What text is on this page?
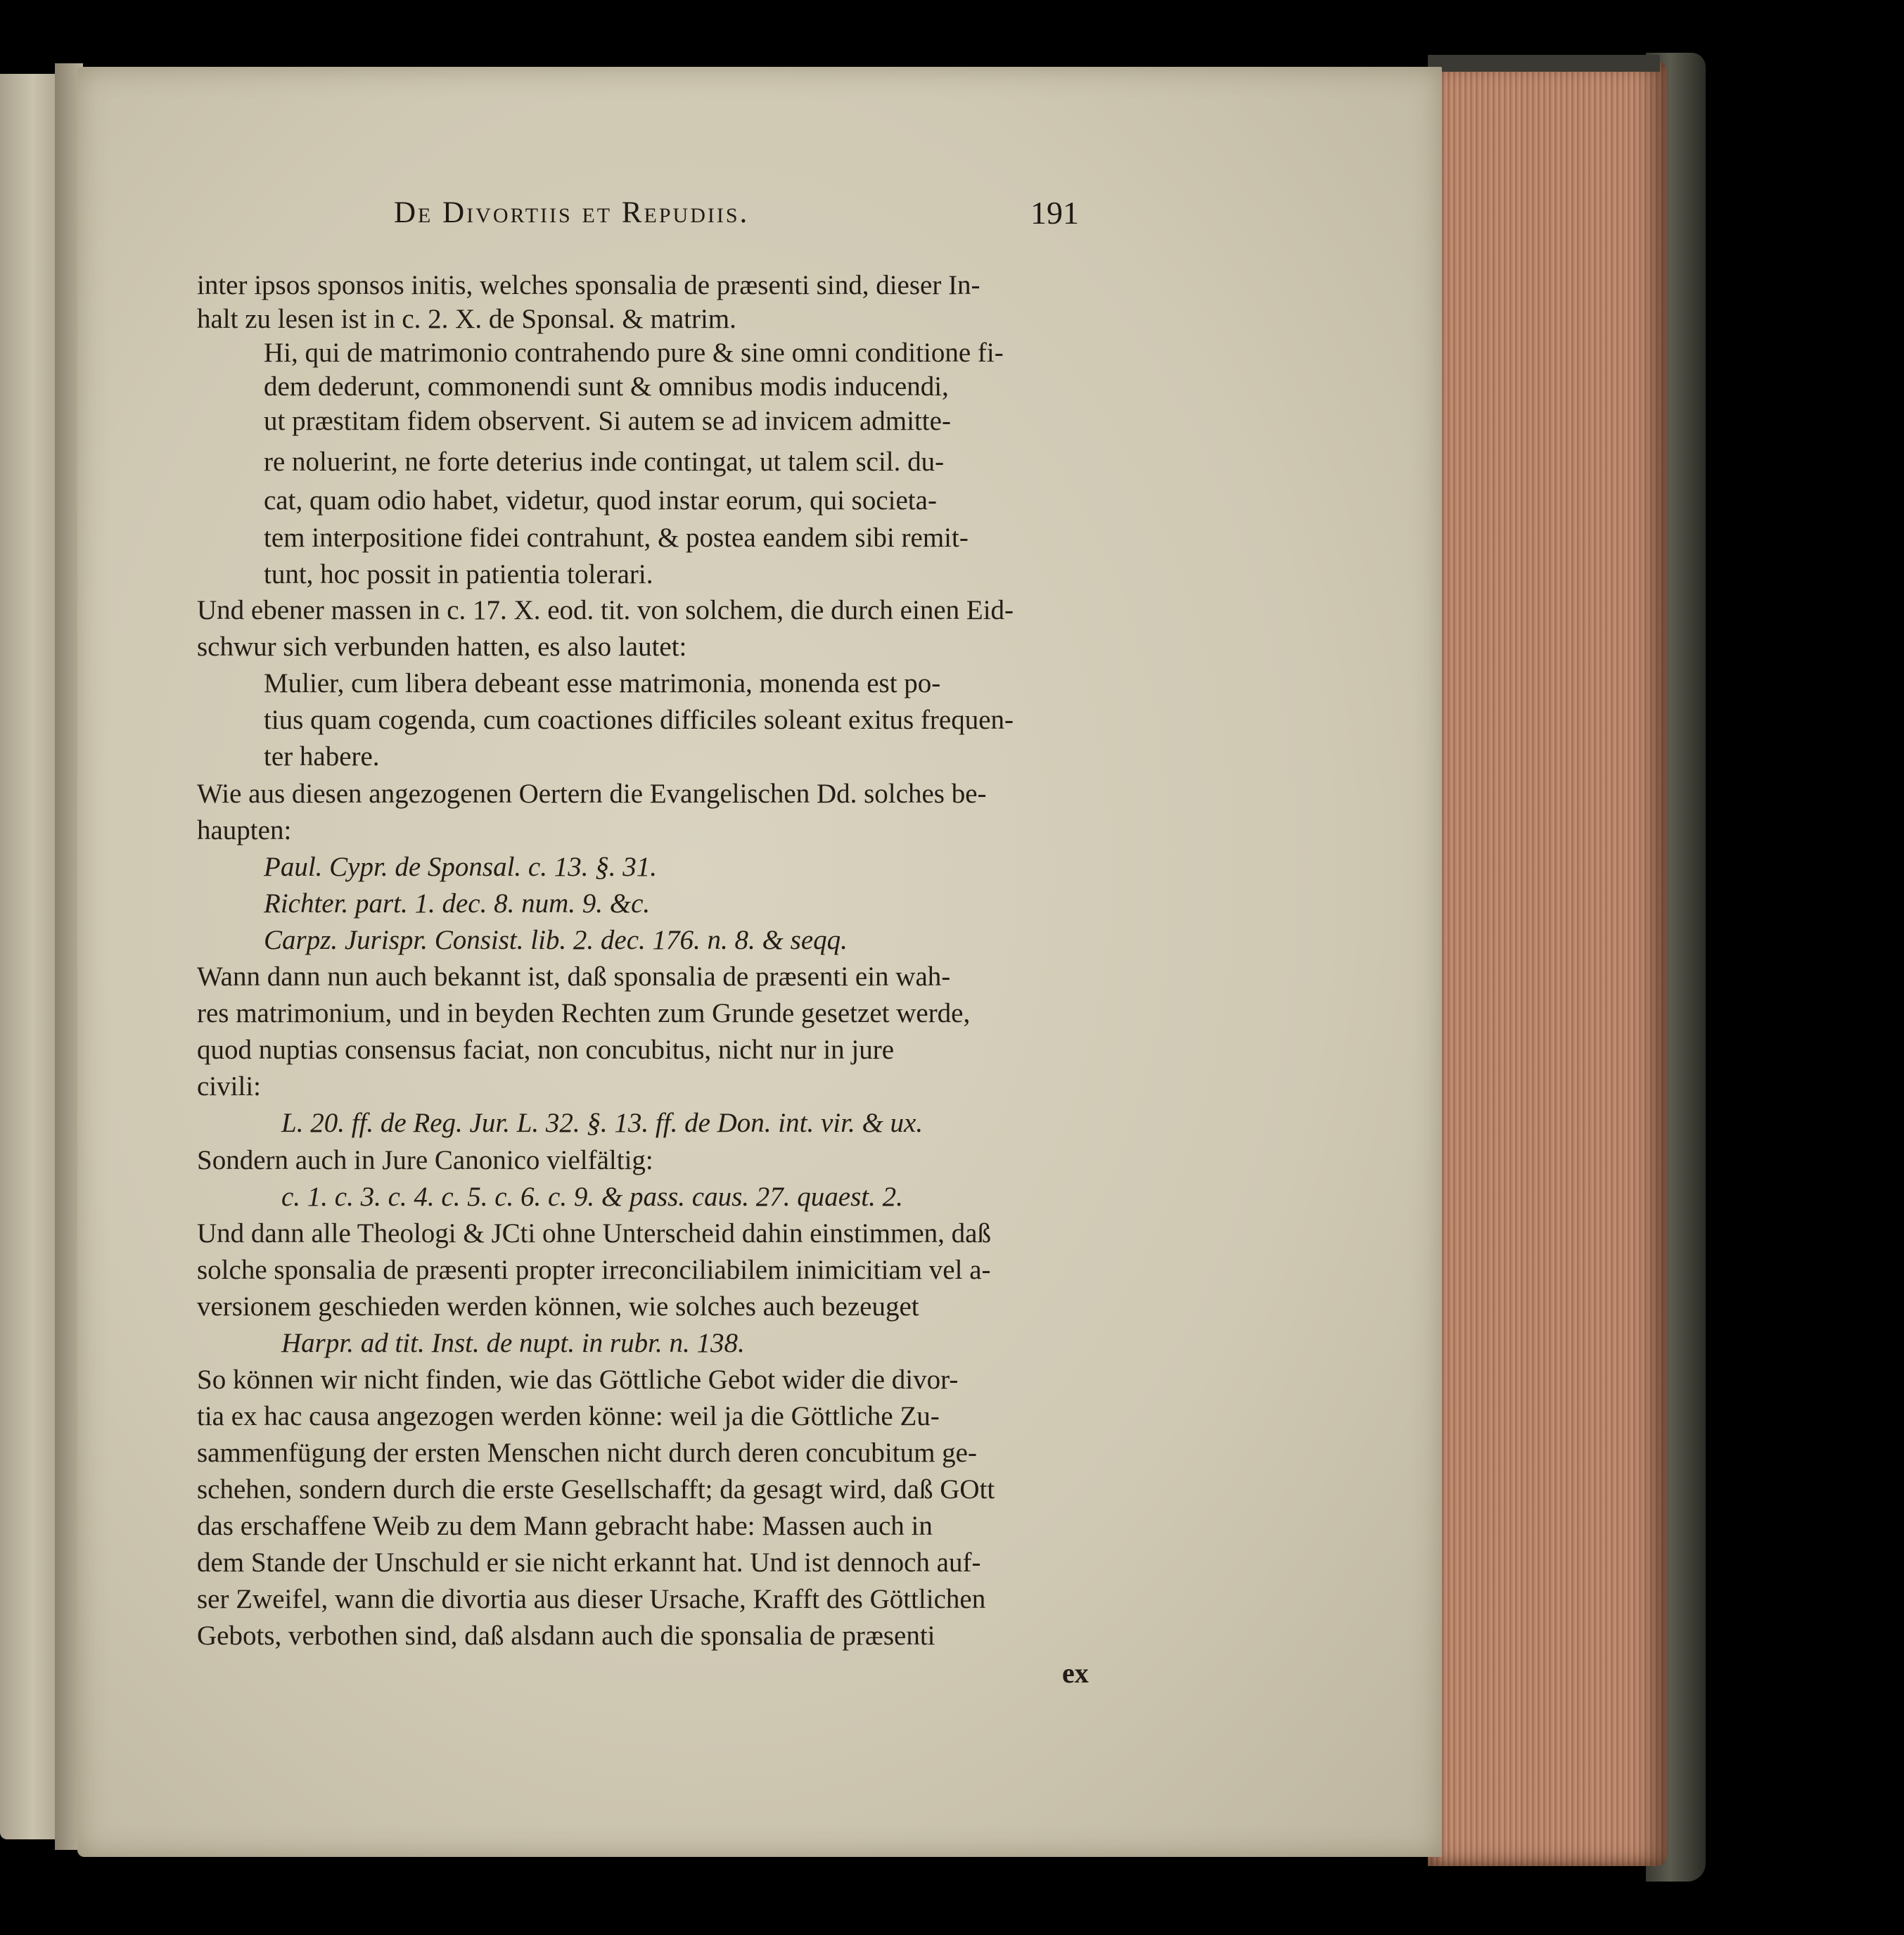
De Divortiis et Repudiis.	191
inter ipsos sponsos initis, welches sponsalia de præsenti sind, dieser In-
halt zu lesen ist in c. 2. X. de Sponsal. & matrim.
Hi, qui de matrimonio contrahendo pure & sine omni conditione fi-
dem dederunt, commonendi sunt & omnibus modis inducendi,
ut præstitam fidem observent. Si autem se ad invicem admitte-
re noluerint, ne forte deterius inde contingat, ut talem scil. du-
cat, quam odio habet, videtur, quod instar eorum, qui societa-
tem interpositione fidei contrahunt, & postea eandem sibi remit-
tunt, hoc possit in patientia tolerari.
Und ebener massen in c. 17. X. eod. tit. von solchem, die durch einen Eid-
schwur sich verbunden hatten, es also lautet:
Mulier, cum libera debeant esse matrimonia, monenda est po-
tius quam cogenda, cum coactiones difficiles soleant exitus frequen-
ter habere.
Wie aus diesen angezogenen Oertern die Evangelischen Dd. solches be-
haupten:
Paul. Cypr. de Sponsal. c. 13. §. 31.
Richter. part. 1. dec. 8. num. 9. &c.
Carpz. Jurispr. Consist. lib. 2. dec. 176. n. 8. & seqq.
Wann dann nun auch bekannt ist, daß sponsalia de præsenti ein wah-
res matrimonium, und in beyden Rechten zum Grunde gesetzet werde,
quod nuptias consensus faciat, non concubitus, nicht nur in jure
civili:
L. 20. ff. de Reg. Jur. L. 32. §. 13. ff. de Don. int. vir. & ux.
Sondern auch in Jure Canonico vielfältig:
c. 1. c. 3. c. 4. c. 5. c. 6. c. 9. & pass. caus. 27. quaest. 2.
Und dann alle Theologi & JCti ohne Unterscheid dahin einstimmen, daß
solche sponsalia de præsenti propter irreconciliabilem inimicitiam vel a-
versionem geschieden werden können, wie solches auch bezeuget
Harpr. ad tit. Inst. de nupt. in rubr. n. 138.
So können wir nicht finden, wie das Göttliche Gebot wider die divor-
tia ex hac causa angezogen werden könne: weil ja die Göttliche Zu-
sammenfügung der ersten Menschen nicht durch deren concubitum ge-
schehen, sondern durch die erste Gesellschafft; da gesagt wird, daß GOtt
das erschaffene Weib zu dem Mann gebracht habe: Massen auch in
dem Stande der Unschuld er sie nicht erkannt hat. Und ist dennoch auf-
ser Zweifel, wann die divortia aus dieser Ursache, Krafft des Göttlichen
Gebots, verbothen sind, daß alsdann auch die sponsalia de præsenti
ex
